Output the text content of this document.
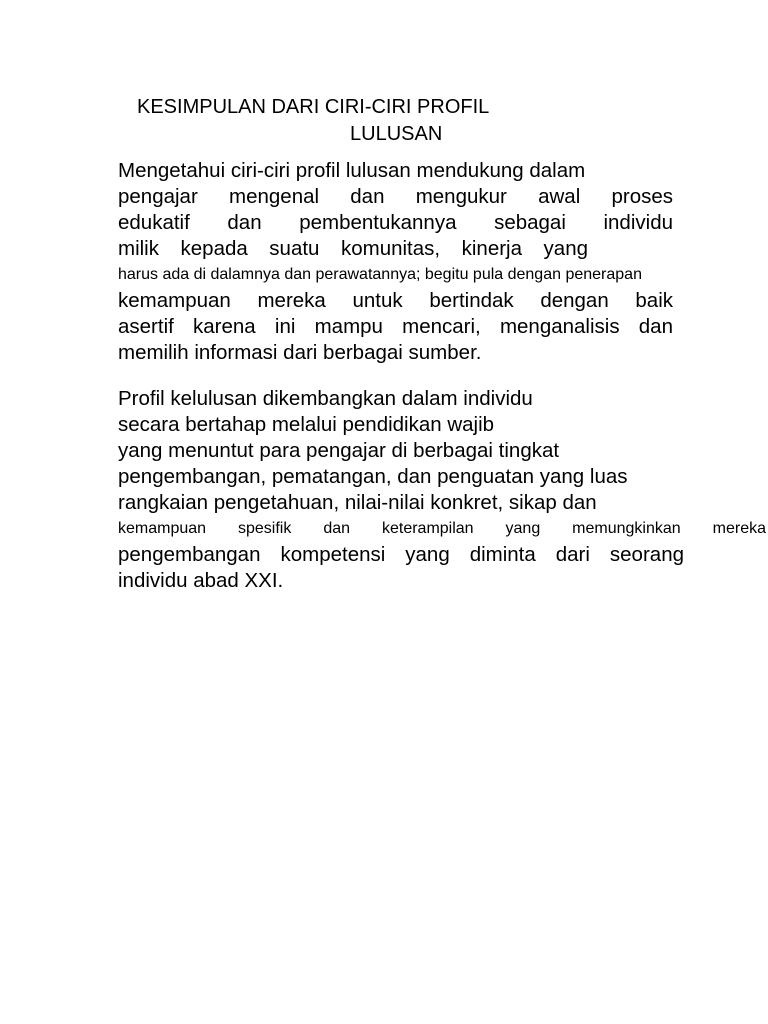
KESIMPULAN DARI CIRI-CIRI PROFIL
LULUSAN
Mengetahui ciri-ciri profil lulusan mendukung dalam
pengajar mengenal dan mengukur awal proses
edukatif dan pembentukannya sebagai individu
milik kepada suatu komunitas, kinerja yang
harus ada di dalamnya dan perawatannya; begitu pula dengan penerapan
kemampuan mereka untuk bertindak dengan baik
asertif karena ini mampu mencari, menganalisis dan
memilih informasi dari berbagai sumber.
Profil kelulusan dikembangkan dalam individu
secara bertahap melalui pendidikan wajib
yang menuntut para pengajar di berbagai tingkat
pengembangan, pematangan, dan penguatan yang luas
rangkaian pengetahuan, nilai-nilai konkret, sikap dan
kemampuan spesifik dan keterampilan yang memungkinkan mereka
pengembangan kompetensi yang diminta dari seorang
individu abad XXI.
